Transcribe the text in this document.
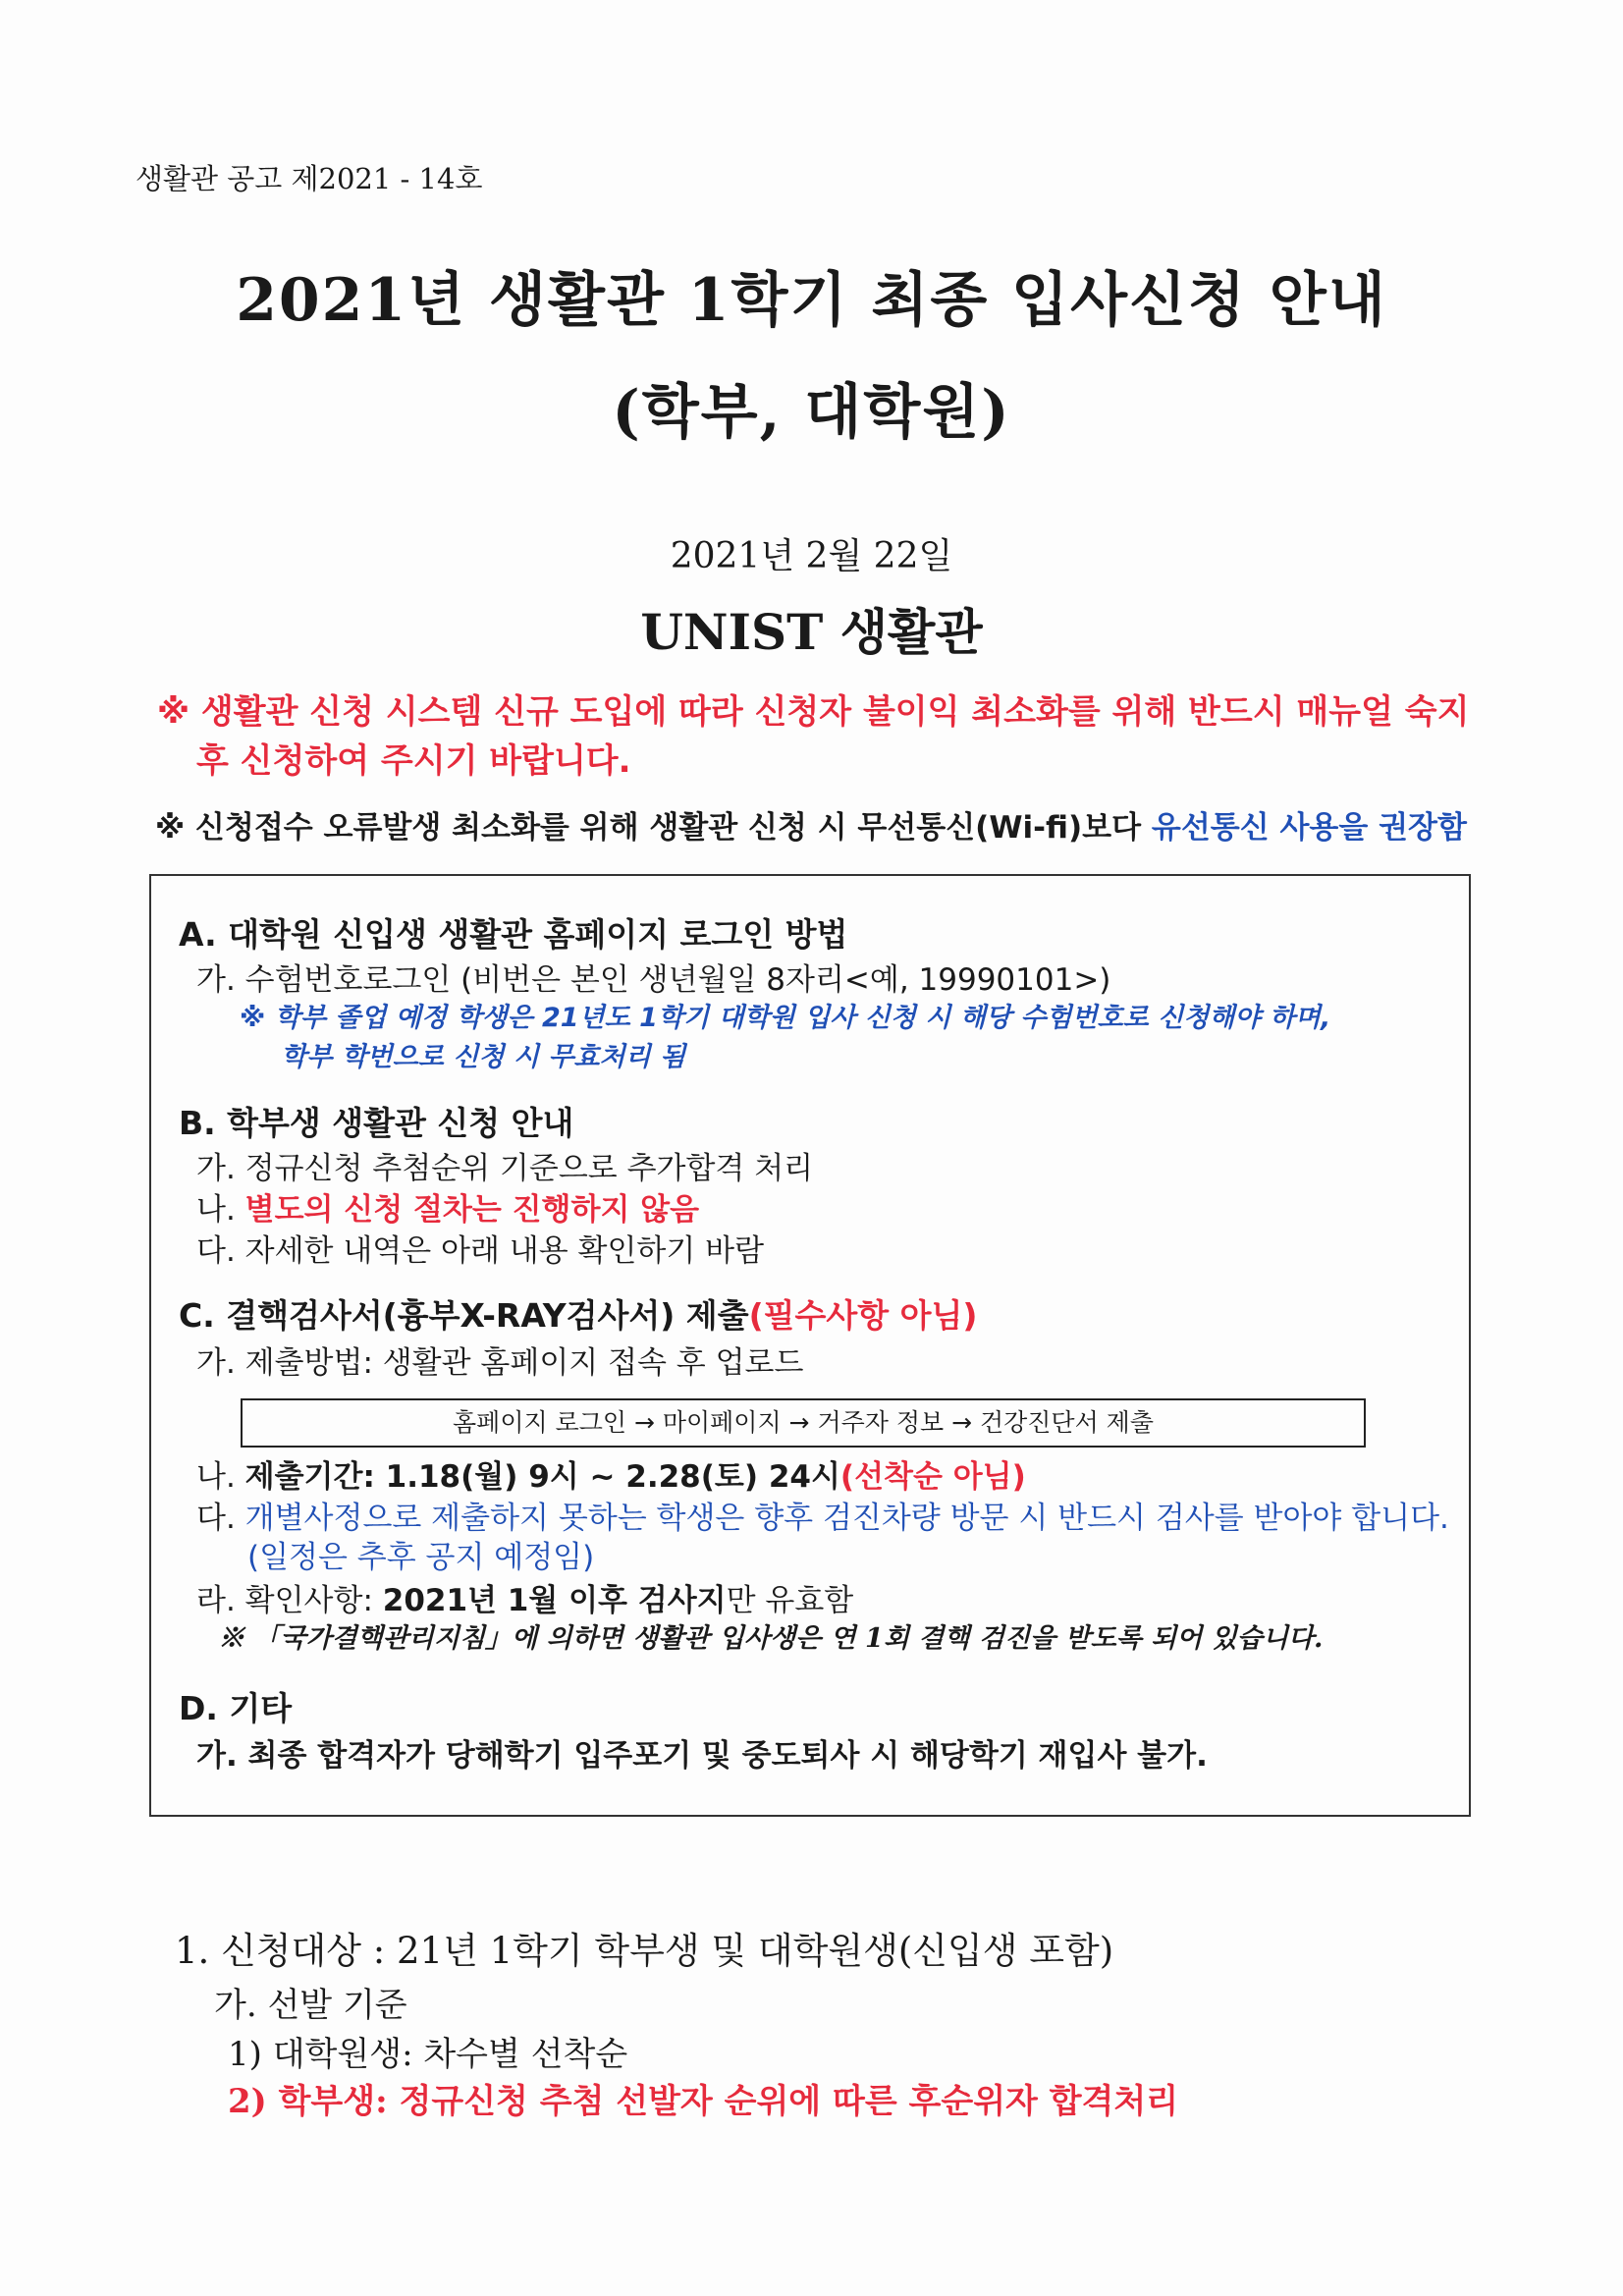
생활관 공고 제2021 - 14호
2021년 생활관 1학기 최종 입사신청 안내
(학부, 대학원)
2021년 2월 22일
UNIST 생활관
※ 생활관 신청 시스템 신규 도입에 따라 신청자 불이익 최소화를 위해 반드시 매뉴얼 숙지
후 신청하여 주시기 바랍니다.
※ 신청접수 오류발생 최소화를 위해 생활관 신청 시 무선통신(Wi-fi)보다 유선통신 사용을 권장함
A. 대학원 신입생 생활관 홈페이지 로그인 방법
가. 수험번호로그인 (비번은 본인 생년월일 8자리<예, 19990101>)
※ 학부 졸업 예정 학생은 21년도 1학기 대학원 입사 신청 시 해당 수험번호로 신청해야 하며,
학부 학번으로 신청 시 무효처리 됨
B. 학부생 생활관 신청 안내
가. 정규신청 추첨순위 기준으로 추가합격 처리
나. 별도의 신청 절차는 진행하지 않음
다. 자세한 내역은 아래 내용 확인하기 바람
C. 결핵검사서(흉부X-RAY검사서) 제출(필수사항 아님)
가. 제출방법: 생활관 홈페이지 접속 후 업로드
홈페이지 로그인 → 마이페이지 → 거주자 정보 → 건강진단서 제출
나. 제출기간: 1.18(월) 9시 ~ 2.28(토) 24시(선착순 아님)
다. 개별사정으로 제출하지 못하는 학생은 향후 검진차량 방문 시 반드시 검사를 받아야 합니다.
(일정은 추후 공지 예정임)
라. 확인사항: 2021년 1월 이후 검사지만 유효함
※ 「국가결핵관리지침」에 의하면 생활관 입사생은 연 1회 결핵 검진을 받도록 되어 있습니다.
D. 기타
가. 최종 합격자가 당해학기 입주포기 및 중도퇴사 시 해당학기 재입사 불가.
1. 신청대상 : 21년 1학기 학부생 및 대학원생(신입생 포함)
가. 선발 기준
1) 대학원생: 차수별 선착순
2) 학부생: 정규신청 추첨 선발자 순위에 따른 후순위자 합격처리
